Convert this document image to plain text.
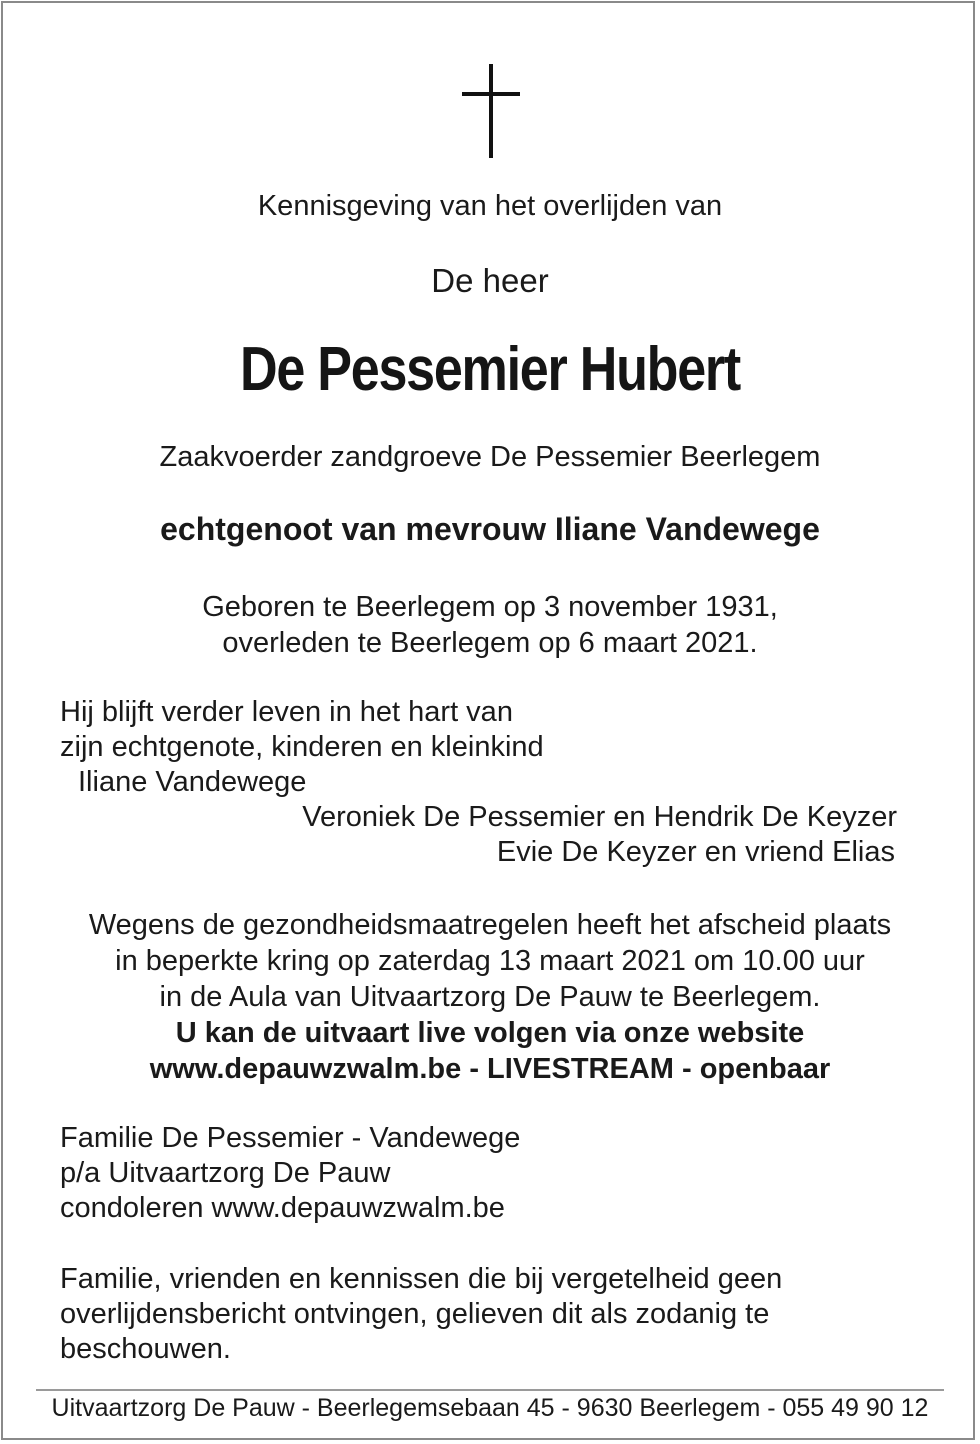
Kennisgeving van het overlijden van
De heer
De Pessemier Hubert
Zaakvoerder zandgroeve De Pessemier Beerlegem
echtgenoot van mevrouw Iliane Vandewege
Geboren te Beerlegem op 3 november 1931,
overleden te Beerlegem op 6 maart 2021.
Hij blijft verder leven in het hart van
zijn echtgenote, kinderen en kleinkind
Iliane Vandewege
Veroniek De Pessemier en Hendrik De Keyzer
Evie De Keyzer en vriend Elias
Wegens de gezondheidsmaatregelen heeft het afscheid plaats
in beperkte kring op zaterdag 13 maart 2021 om 10.00 uur
in de Aula van Uitvaartzorg De Pauw te Beerlegem.
U kan de uitvaart live volgen via onze website
www.depauwzwalm.be - LIVESTREAM - openbaar
Familie De Pessemier - Vandewege
p/a Uitvaartzorg De Pauw
condoleren www.depauwzwalm.be
Familie, vrienden en kennissen die bij vergetelheid geen
overlijdensbericht ontvingen, gelieven dit als zodanig te
beschouwen.
Uitvaartzorg De Pauw - Beerlegemsebaan 45 - 9630 Beerlegem - 055 49 90 12
